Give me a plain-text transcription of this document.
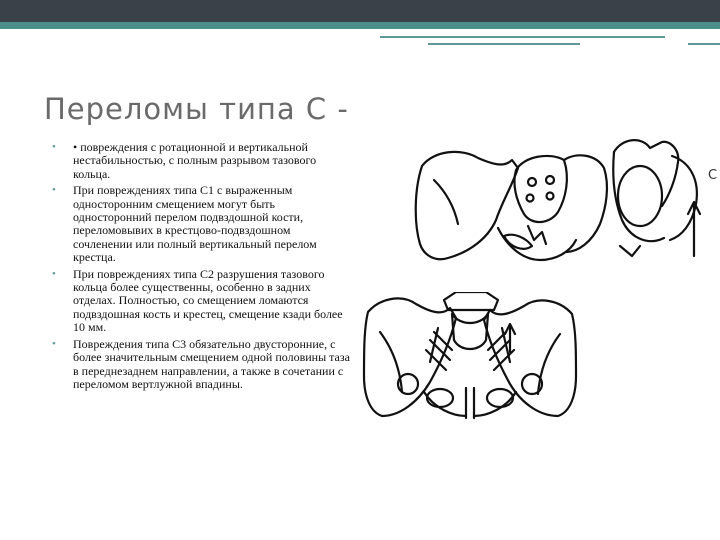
Переломы типа С -
• • повреждения с ротационной и вертикальной нестабильностью, с полным разрывом тазового кольца.
• При повреждениях типа С1 с выраженным односторонним смещением могут быть односторонний перелом подвздошной кости, переломовывих в крестцово-подвздошном сочленении или полный вертикальный перелом крестца.
• При повреждениях типа С2 разрушения тазового кольца более существенны, особенно в задних отделах. Полностью, со смещением ломаются подвздошная кость и крестец, смещение кзади более 10 мм.
• Повреждения типа С3 обязательно двусторонние, с более значительным смещением одной половины таза в переднезаднем направлении, а также в сочетании с переломом вертлужной впадины.
C
